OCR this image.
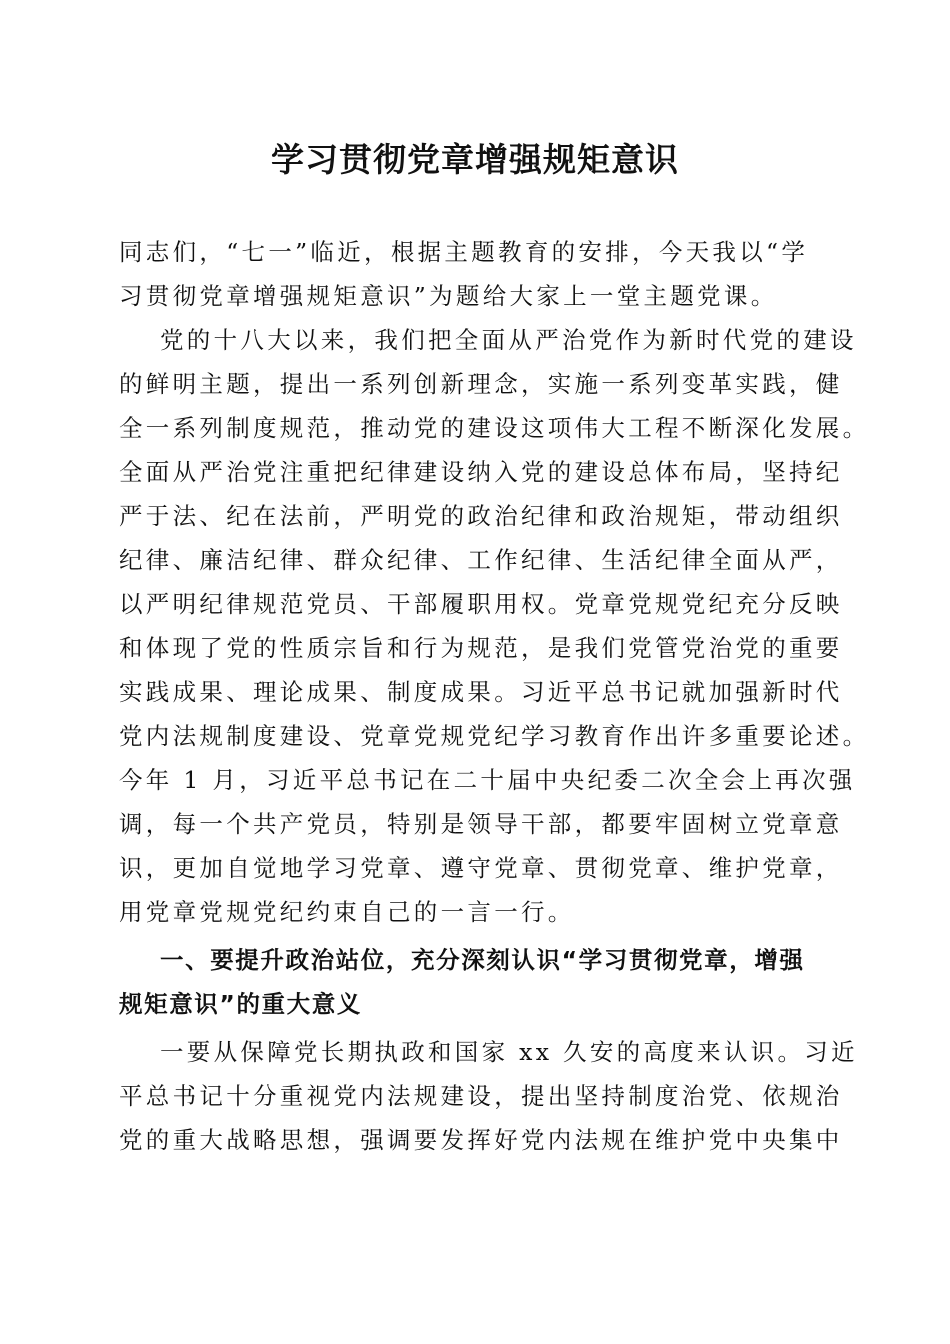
学习贯彻党章增强规矩意识
同志们，“七一”临近，根据主题教育的安排，今天我以“学
习贯彻党章增强规矩意识”为题给大家上一堂主题党课。
党的十八大以来，我们把全面从严治党作为新时代党的建设
的鲜明主题，提出一系列创新理念，实施一系列变革实践，健
全一系列制度规范，推动党的建设这项伟大工程不断深化发展。
全面从严治党注重把纪律建设纳入党的建设总体布局，坚持纪
严于法、纪在法前，严明党的政治纪律和政治规矩，带动组织
纪律、廉洁纪律、群众纪律、工作纪律、生活纪律全面从严，
以严明纪律规范党员、干部履职用权。党章党规党纪充分反映
和体现了党的性质宗旨和行为规范，是我们党管党治党的重要
实践成果、理论成果、制度成果。习近平总书记就加强新时代
党内法规制度建设、党章党规党纪学习教育作出许多重要论述。
今年 1 月，习近平总书记在二十届中央纪委二次全会上再次强
调，每一个共产党员，特别是领导干部，都要牢固树立党章意
识，更加自觉地学习党章、遵守党章、贯彻党章、维护党章，
用党章党规党纪约束自己的一言一行。
一、要提升政治站位，充分深刻认识“学习贯彻党章，增强
规矩意识”的重大意义
一要从保障党长期执政和国家 xx 久安的高度来认识。习近
平总书记十分重视党内法规建设，提出坚持制度治党、依规治
党的重大战略思想，强调要发挥好党内法规在维护党中央集中
